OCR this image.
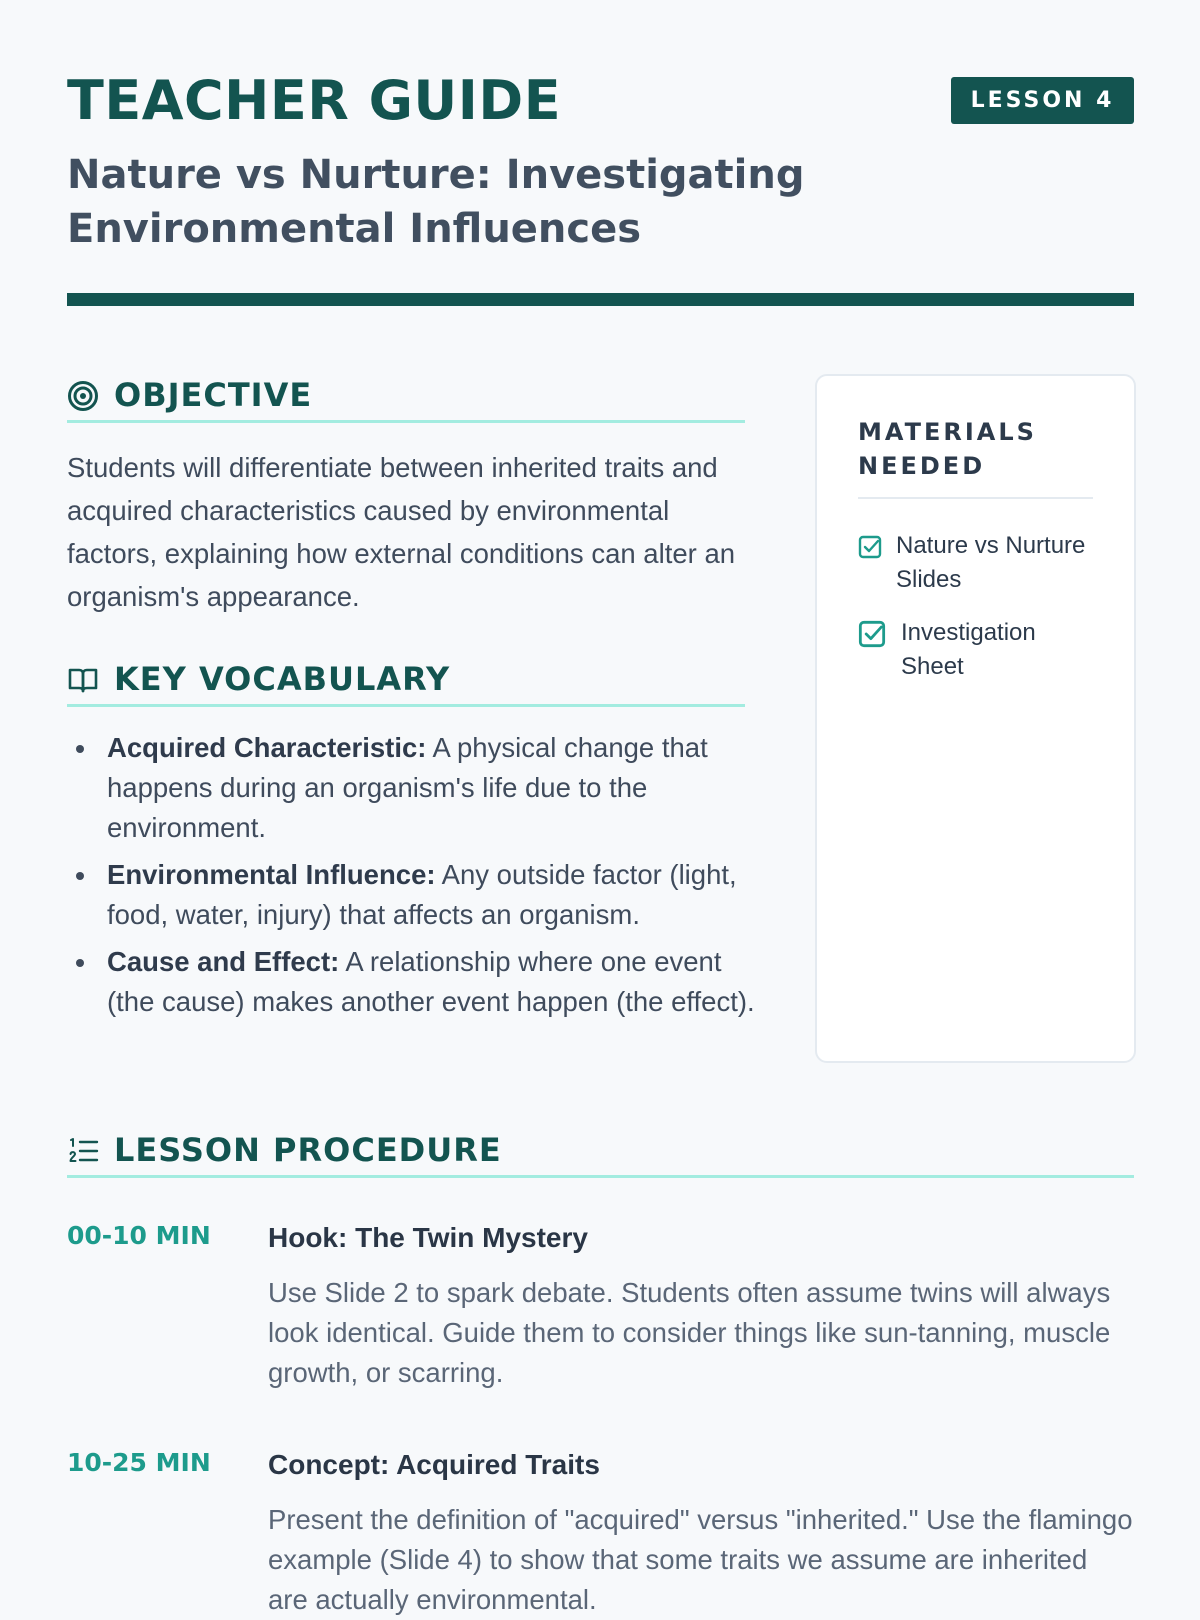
TEACHER GUIDE	LESSON 4
Nature vs Nurture: Investigating Environmental Influences
OBJECTIVE

Students will differentiate between inherited traits and acquired characteristics caused by environmental factors, explaining how external conditions can alter an organism's appearance.

KEY VOCABULARY
Acquired Characteristic: A physical change that happens during an organism's life due to the environment.
Environmental Influence: Any outside factor (light, food, water, injury) that affects an organism.
Cause and Effect: A relationship where one event (the cause) makes another event happen (the effect).
MATERIALS NEEDED
Nature vs Nurture Slides
Investigation Sheet
LESSON PROCEDURE
00-10 MIN Hook: The Twin Mystery

Use Slide 2 to spark debate. Students often assume twins will always look identical. Guide them to consider things like sun-tanning, muscle growth, or scarring.

10-25 MIN Concept: Acquired Traits

Present the definition of "acquired" versus "inherited." Use the flamingo example (Slide 4) to show that some traits we assume are inherited are actually environmental.
